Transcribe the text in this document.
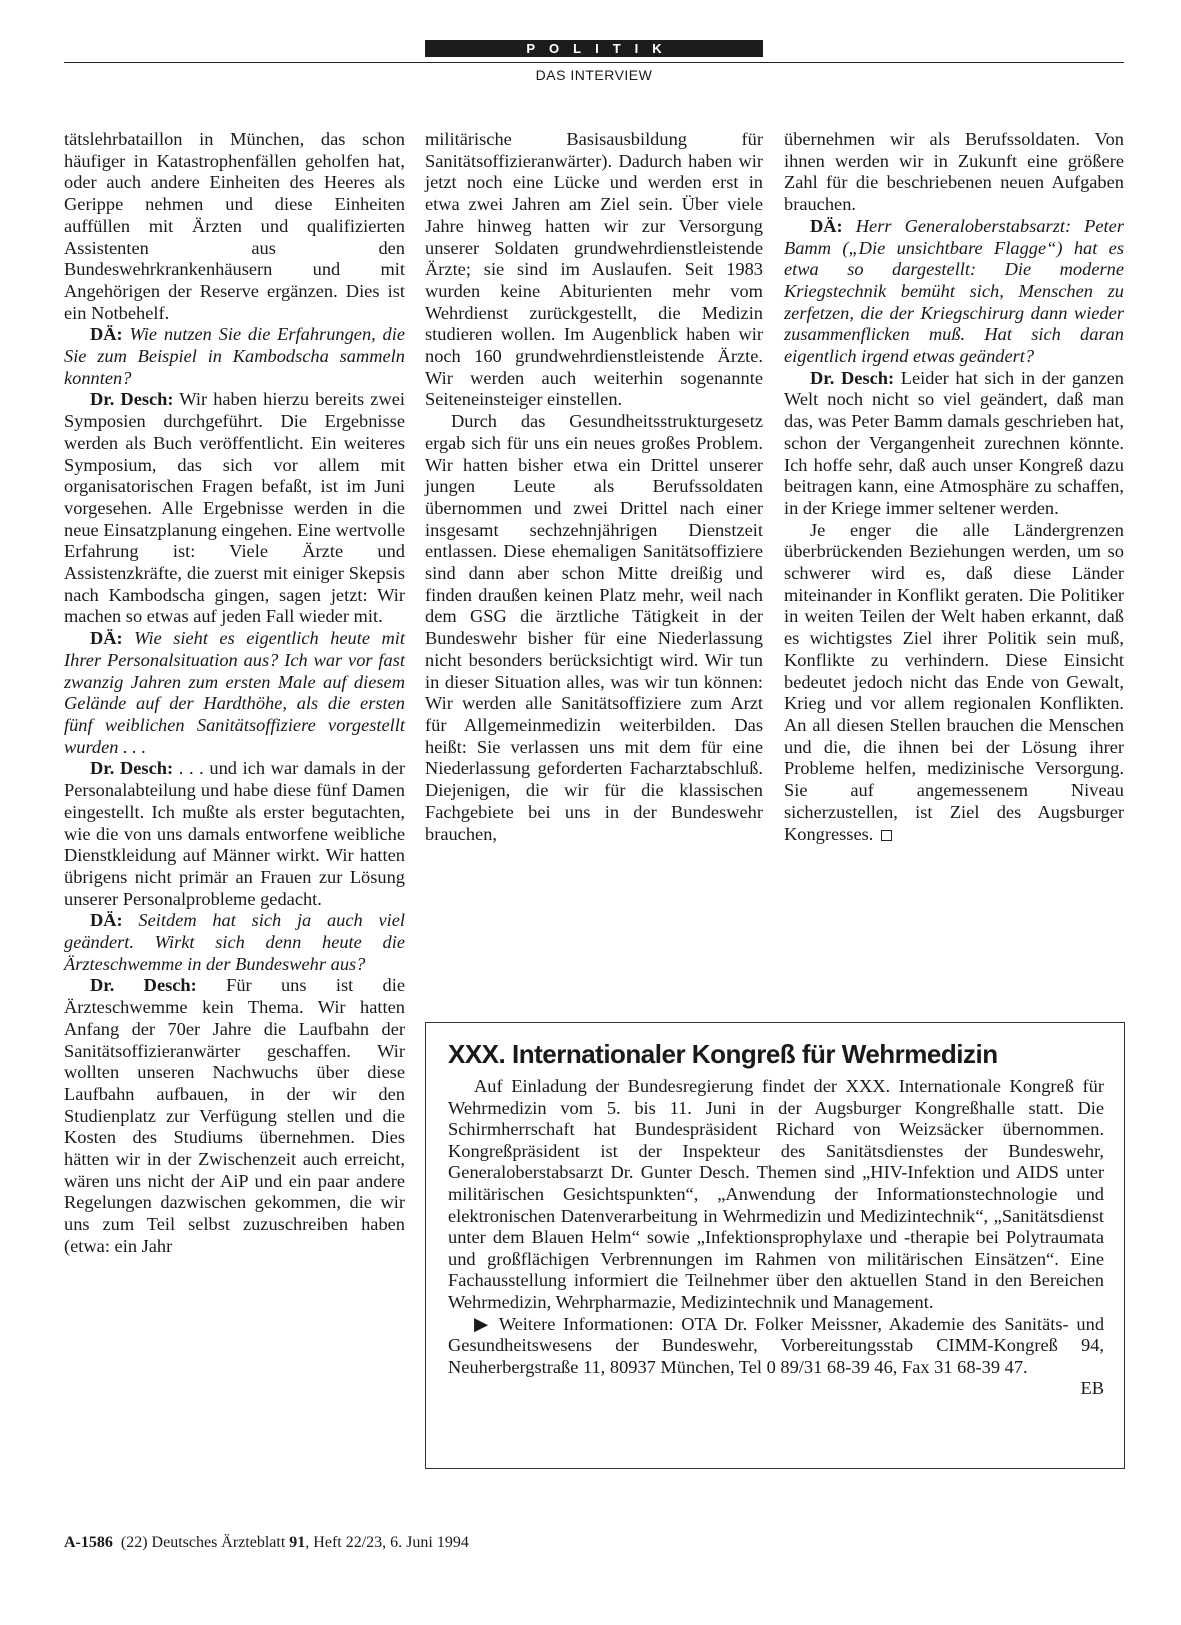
POLITIK
DAS INTERVIEW

tätslehrbataillon in München, das schon häufiger in Katastrophenfällen geholfen hat, oder auch andere Einheiten des Heeres als Gerippe nehmen und diese Einheiten auffüllen mit Ärzten und qualifizierten Assistenten aus den Bundeswehrkrankenhäusern und mit Angehörigen der Reserve ergänzen. Dies ist ein Notbehelf.

DÄ: Wie nutzen Sie die Erfahrungen, die Sie zum Beispiel in Kambodscha sammeln konnten?

Dr. Desch: Wir haben hierzu bereits zwei Symposien durchgeführt. Die Ergebnisse werden als Buch veröffentlicht. Ein weiteres Symposium, das sich vor allem mit organisatorischen Fragen befaßt, ist im Juni vorgesehen. Alle Ergebnisse werden in die neue Einsatzplanung eingehen. Eine wertvolle Erfahrung ist: Viele Ärzte und Assistenzkräfte, die zuerst mit einiger Skepsis nach Kambodscha gingen, sagen jetzt: Wir machen so etwas auf jeden Fall wieder mit.

DÄ: Wie sieht es eigentlich heute mit Ihrer Personalsituation aus? Ich war vor fast zwanzig Jahren zum ersten Male auf diesem Gelände auf der Hardthöhe, als die ersten fünf weiblichen Sanitätsoffiziere vorgestellt wurden . . .

Dr. Desch: . . . und ich war damals in der Personalabteilung und habe diese fünf Damen eingestellt. Ich mußte als erster begutachten, wie die von uns damals entworfene weibliche Dienstkleidung auf Männer wirkt. Wir hatten übrigens nicht primär an Frauen zur Lösung unserer Personalprobleme gedacht.

DÄ: Seitdem hat sich ja auch viel geändert. Wirkt sich denn heute die Ärzteschwemme in der Bundeswehr aus?

Dr. Desch: Für uns ist die Ärzteschwemme kein Thema. Wir hatten Anfang der 70er Jahre die Laufbahn der Sanitätsoffizieranwärter geschaffen. Wir wollten unseren Nachwuchs über diese Laufbahn aufbauen, in der wir den Studienplatz zur Verfügung stellen und die Kosten des Studiums übernehmen. Dies hätten wir in der Zwischenzeit auch erreicht, wären uns nicht der AiP und ein paar andere Regelungen dazwischen gekommen, die wir uns zum Teil selbst zuzuschreiben haben (etwa: ein Jahr

militärische Basisausbildung für Sanitätsoffizieranwärter). Dadurch haben wir jetzt noch eine Lücke und werden erst in etwa zwei Jahren am Ziel sein. Über viele Jahre hinweg hatten wir zur Versorgung unserer Soldaten grundwehrdienstleistende Ärzte; sie sind im Auslaufen. Seit 1983 wurden keine Abiturienten mehr vom Wehrdienst zurückgestellt, die Medizin studieren wollen. Im Augenblick haben wir noch 160 grundwehrdienstleistende Ärzte. Wir werden auch weiterhin sogenannte Seiteneinsteiger einstellen.

Durch das Gesundheitsstrukturgesetz ergab sich für uns ein neues großes Problem. Wir hatten bisher etwa ein Drittel unserer jungen Leute als Berufssoldaten übernommen und zwei Drittel nach einer insgesamt sechzehnjährigen Dienstzeit entlassen. Diese ehemaligen Sanitätsoffiziere sind dann aber schon Mitte dreißig und finden draußen keinen Platz mehr, weil nach dem GSG die ärztliche Tätigkeit in der Bundeswehr bisher für eine Niederlassung nicht besonders berücksichtigt wird. Wir tun in dieser Situation alles, was wir tun können: Wir werden alle Sanitätsoffiziere zum Arzt für Allgemeinmedizin weiterbilden. Das heißt: Sie verlassen uns mit dem für eine Niederlassung geforderten Facharztabschluß. Diejenigen, die wir für die klassischen Fachgebiete bei uns in der Bundeswehr brauchen,

übernehmen wir als Berufssoldaten. Von ihnen werden wir in Zukunft eine größere Zahl für die beschriebenen neuen Aufgaben brauchen.

DÄ: Herr Generaloberstabsarzt: Peter Bamm („Die unsichtbare Flagge“) hat es etwa so dargestellt: Die moderne Kriegstechnik bemüht sich, Menschen zu zerfetzen, die der Kriegschirurg dann wieder zusammenflicken muß. Hat sich daran eigentlich irgend etwas geändert?

Dr. Desch: Leider hat sich in der ganzen Welt noch nicht so viel geändert, daß man das, was Peter Bamm damals geschrieben hat, schon der Vergangenheit zurechnen könnte. Ich hoffe sehr, daß auch unser Kongreß dazu beitragen kann, eine Atmosphäre zu schaffen, in der Kriege immer seltener werden.

Je enger die alle Ländergrenzen überbrückenden Beziehungen werden, um so schwerer wird es, daß diese Länder miteinander in Konflikt geraten. Die Politiker in weiten Teilen der Welt haben erkannt, daß es wichtigstes Ziel ihrer Politik sein muß, Konflikte zu verhindern. Diese Einsicht bedeutet jedoch nicht das Ende von Gewalt, Krieg und vor allem regionalen Konflikten. An all diesen Stellen brauchen die Menschen und die, die ihnen bei der Lösung ihrer Probleme helfen, medizinische Versorgung. Sie auf angemessenem Niveau sicherzustellen, ist Ziel des Augsburger Kongresses.

XXX. Internationaler Kongreß für Wehrmedizin

Auf Einladung der Bundesregierung findet der XXX. Internationale Kongreß für Wehrmedizin vom 5. bis 11. Juni in der Augsburger Kongreßhalle statt. Die Schirmherrschaft hat Bundespräsident Richard von Weizsäcker übernommen. Kongreßpräsident ist der Inspekteur des Sanitätsdienstes der Bundeswehr, Generaloberstabsarzt Dr. Gunter Desch. Themen sind „HIV-Infektion und AIDS unter militärischen Gesichtspunkten“, „Anwendung der Informationstechnologie und elektronischen Datenverarbeitung in Wehrmedizin und Medizintechnik“, „Sanitätsdienst unter dem Blauen Helm“ sowie „Infektionsprophylaxe und -therapie bei Polytraumata und großflächigen Verbrennungen im Rahmen von militärischen Einsätzen“. Eine Fachausstellung informiert die Teilnehmer über den aktuellen Stand in den Bereichen Wehrmedizin, Wehrpharmazie, Medizintechnik und Management.

▶ Weitere Informationen: OTA Dr. Folker Meissner, Akademie des Sanitäts- und Gesundheitswesens der Bundeswehr, Vorbereitungsstab CIMM-Kongreß 94, Neuherbergstraße 11, 80937 München, Tel 0 89/31 68-39 46, Fax 31 68-39 47.

EB
A-1586 (22) Deutsches Ärzteblatt 91, Heft 22/23, 6. Juni 1994
